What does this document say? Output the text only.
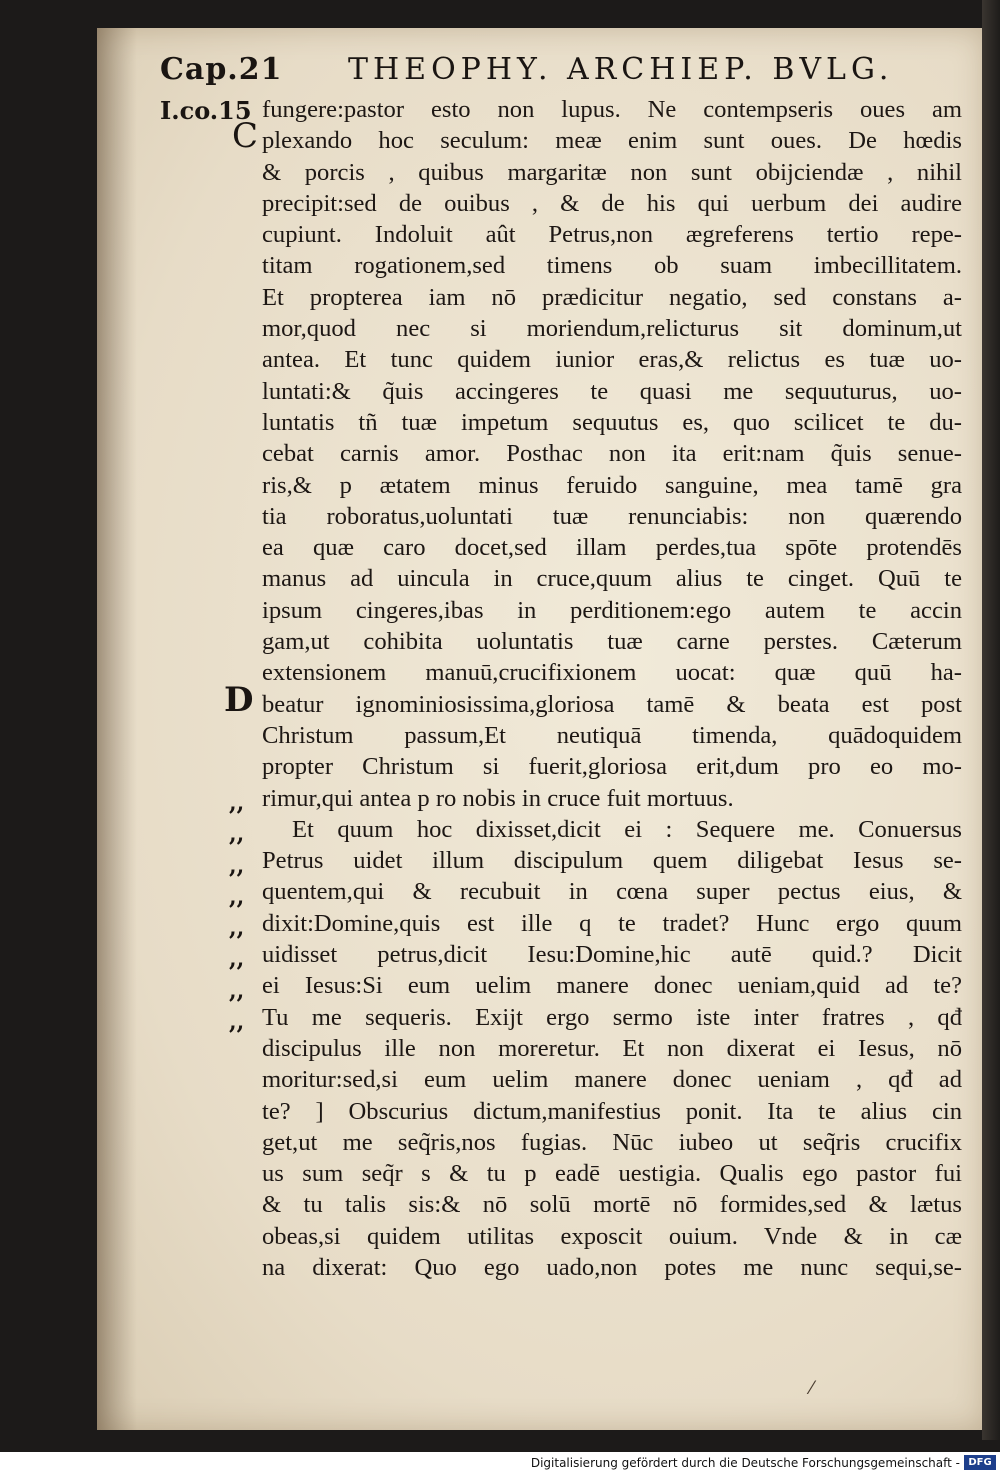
Cap.21 THEOPHY. ARCHIEP. BVLG.
I.co.15
C
D
,,
,,
,,
,,
,,
,,
,,
,,
fungere:pastor esto non lupus. Ne contempseris oues am
plexando hoc seculum: meæ enim sunt oues. De hœdis
& porcis , quibus margaritæ non sunt obijciendæ , nihil
precipit:sed de ouibus , & de his qui uerbum dei audire
cupiunt. Indoluit aût Petrus,non ægreferens tertio repe-
titam rogationem,sed timens ob suam imbecillitatem.
Et propterea iam nō prædicitur negatio, sed constans a-
mor,quod nec si moriendum,relicturus sit dominum,ut
antea. Et tunc quidem iunior eras,& relictus es tuæ uo-
luntati:& q̃uis accingeres te quasi me sequuturus, uo-
luntatis tñ tuæ impetum sequutus es, quo scilicet te du-
cebat carnis amor. Posthac non ita erit:nam q̃uis senue-
ris,& p ætatem minus feruido sanguine, mea tamē gra
tia roboratus,uoluntati tuæ renunciabis: non quærendo
ea quæ caro docet,sed illam perdes,tua spōte protendēs
manus ad uincula in cruce,quum alius te cinget. Quū te
ipsum cingeres,ibas in perditionem:ego autem te accin
gam,ut cohibita uoluntatis tuæ carne perstes. Cæterum
extensionem manuū,crucifixionem uocat: quæ quū ha-
beatur ignominiosissima,gloriosa tamē & beata est post
Christum passum,Et neutiquā timenda, quādoquidem
propter Christum si fuerit,gloriosa erit,dum pro eo mo-
rimur,qui antea p ro nobis in cruce fuit mortuus.
Et quum hoc dixisset,dicit ei : Sequere me. Conuersus
Petrus uidet illum discipulum quem diligebat Iesus se-
quentem,qui & recubuit in cœna super pectus eius, &
dixit:Domine,quis est ille q te tradet? Hunc ergo quum
uidisset petrus,dicit Iesu:Domine,hic autē quid.? Dicit
ei Iesus:Si eum uelim manere donec ueniam,quid ad te?
Tu me sequeris. Exijt ergo sermo iste inter fratres , qđ
discipulus ille non moreretur. Et non dixerat ei Iesus, nō
moritur:sed,si eum uelim manere donec ueniam , qđ ad
te? ] Obscurius dictum,manifestius ponit. Ita te alius cin
get,ut me seq̃ris,nos fugias. Nūc iubeo ut seq̃ris crucifix
us sum seq̃r s & tu p eadē uestigia. Qualis ego pastor fui
& tu talis sis:& nō solū mortē nō formides,sed & lætus
obeas,si quidem utilitas exposcit ouium. Vnde & in cæ
na dixerat: Quo ego uado,non potes me nunc sequi,se-
⁄
Digitalisierung gefördert durch die Deutsche Forschungsgemeinschaft - DFG
